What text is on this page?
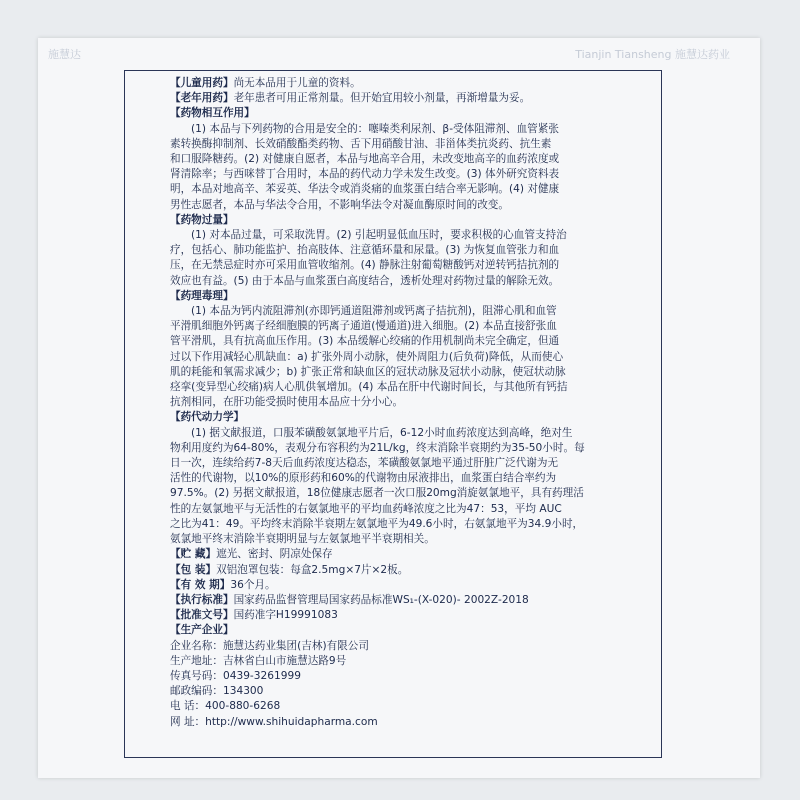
施慧达	Tianjin Tiansheng 施慧达药业
【儿童用药】尚无本品用于儿童的资料。
【老年用药】老年患者可用正常剂量。但开始宜用较小剂量，再渐增量为妥。
【药物相互作用】
(1) 本品与下列药物的合用是安全的：噻嗪类利尿剂、β-受体阻滞剂、血管紧张
素转换酶抑制剂、长效硝酸酯类药物、舌下用硝酸甘油、非甾体类抗炎药、抗生素
和口服降糖药。(2) 对健康自愿者，本品与地高辛合用，未改变地高辛的血药浓度或
肾清除率；与西咪替丁合用时，本品的药代动力学未发生改变。(3) 体外研究资料表
明，本品对地高辛、苯妥英、华法令或消炎痛的血浆蛋白结合率无影响。(4) 对健康
男性志愿者，本品与华法令合用，不影响华法令对凝血酶原时间的改变。
【药物过量】
(1) 对本品过量，可采取洗胃。(2) 引起明显低血压时，要求积极的心血管支持治
疗，包括心、肺功能监护、抬高肢体、注意循环量和尿量。(3) 为恢复血管张力和血
压，在无禁忌症时亦可采用血管收缩剂。(4) 静脉注射葡萄糖酸钙对逆转钙拮抗剂的
效应也有益。(5) 由于本品与血浆蛋白高度结合，透析处理对药物过量的解除无效。
【药理毒理】
(1) 本品为钙内流阻滞剂(亦即钙通道阻滞剂或钙离子拮抗剂)，阻滞心肌和血管
平滑肌细胞外钙离子经细胞膜的钙离子通道(慢通道)进入细胞。(2) 本品直接舒张血
管平滑肌，具有抗高血压作用。(3) 本品缓解心绞痛的作用机制尚未完全确定，但通
过以下作用减轻心肌缺血：a) 扩张外周小动脉，使外周阻力(后负荷)降低，从而使心
肌的耗能和氧需求减少；b) 扩张正常和缺血区的冠状动脉及冠状小动脉，使冠状动脉
痉挛(变异型心绞痛)病人心肌供氧增加。(4) 本品在肝中代谢时间长，与其他所有钙拮
抗剂相同，在肝功能受损时使用本品应十分小心。
【药代动力学】
(1) 据文献报道，口服苯磺酸氨氯地平片后，6-12小时血药浓度达到高峰，绝对生
物利用度约为64-80%，表观分布容积约为21L/kg，终末消除半衰期约为35-50小时。每
日一次，连续给药7-8天后血药浓度达稳态，苯磺酸氨氯地平通过肝脏广泛代谢为无
活性的代谢物，以10%的原形药和60%的代谢物由尿液排出，血浆蛋白结合率约为
97.5%。(2) 另据文献报道，18位健康志愿者一次口服20mg消旋氨氯地平，具有药理活
性的左氨氯地平与无活性的右氨氯地平的平均血药峰浓度之比为47：53，平均 AUC
之比为41：49。平均终末消除半衰期左氨氯地平为49.6小时，右氨氯地平为34.9小时，
氨氯地平终末消除半衰期明显与左氨氯地平半衰期相关。
【贮 藏】遮光、密封、阴凉处保存
【包 装】双铝泡罩包装：每盒2.5mg×7片×2板。
【有 效 期】36个月。
【执行标准】国家药品监督管理局国家药品标准WS₁-(X-020)- 2002Z-2018
【批准文号】国药准字H19991083
【生产企业】
企业名称：施慧达药业集团(吉林)有限公司
生产地址：吉林省白山市施慧达路9号
传真号码：0439-3261999
邮政编码：134300
电 话：400-880-6268
网 址：http://www.shihuidapharma.com
